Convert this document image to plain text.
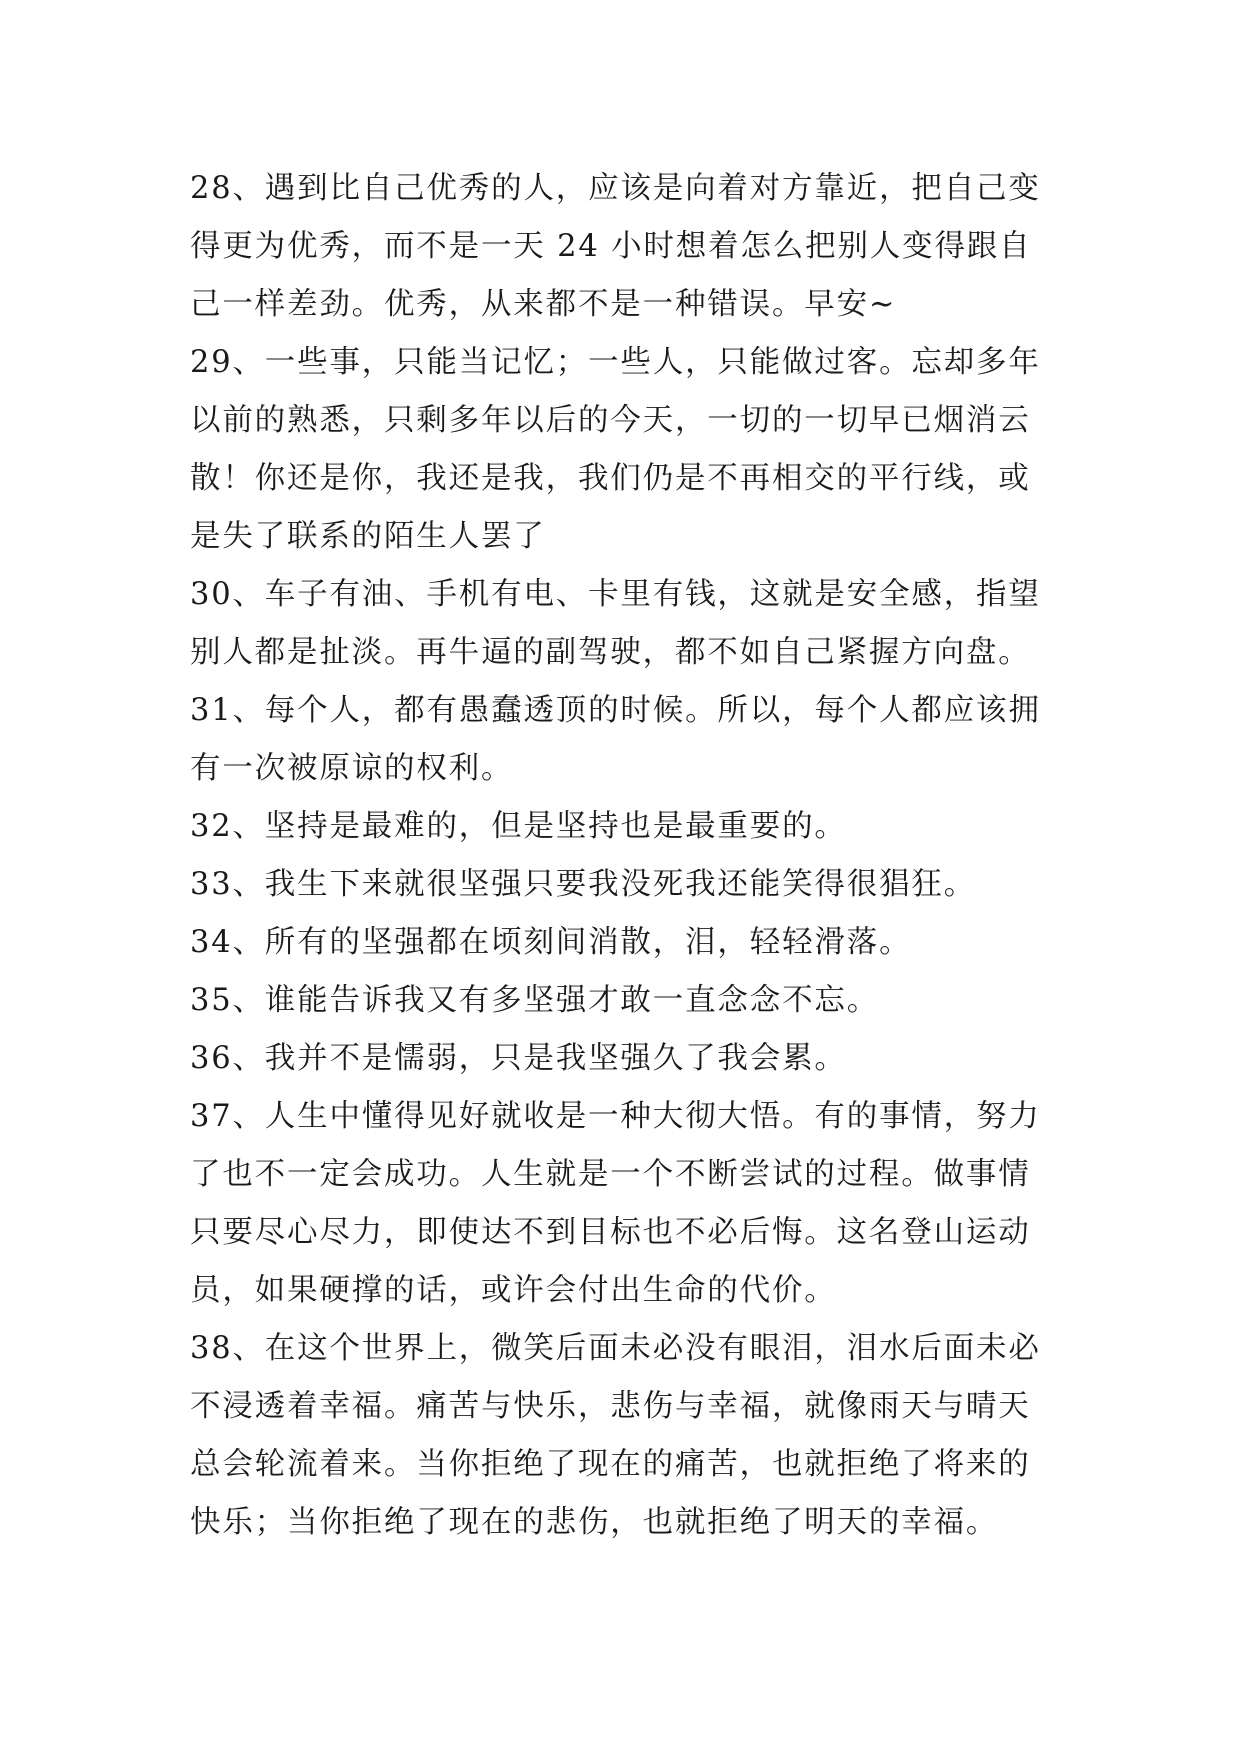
28、遇到比自己优秀的人，应该是向着对方靠近，把自己变
得更为优秀，而不是一天 24 小时想着怎么把别人变得跟自
己一样差劲。优秀，从来都不是一种错误。早安~
29、一些事，只能当记忆；一些人，只能做过客。忘却多年
以前的熟悉，只剩多年以后的今天，一切的一切早已烟消云
散！你还是你，我还是我，我们仍是不再相交的平行线，或
是失了联系的陌生人罢了
30、车子有油、手机有电、卡里有钱，这就是安全感，指望
别人都是扯淡。再牛逼的副驾驶，都不如自己紧握方向盘。
31、每个人，都有愚蠢透顶的时候。所以，每个人都应该拥
有一次被原谅的权利。
32、坚持是最难的，但是坚持也是最重要的。
33、我生下来就很坚强只要我没死我还能笑得很猖狂。
34、所有的坚强都在顷刻间消散，泪，轻轻滑落。
35、谁能告诉我又有多坚强才敢一直念念不忘。
36、我并不是懦弱，只是我坚强久了我会累。
37、人生中懂得见好就收是一种大彻大悟。有的事情，努力
了也不一定会成功。人生就是一个不断尝试的过程。做事情
只要尽心尽力，即使达不到目标也不必后悔。这名登山运动
员，如果硬撑的话，或许会付出生命的代价。
38、在这个世界上，微笑后面未必没有眼泪，泪水后面未必
不浸透着幸福。痛苦与快乐，悲伤与幸福，就像雨天与晴天
总会轮流着来。当你拒绝了现在的痛苦，也就拒绝了将来的
快乐；当你拒绝了现在的悲伤，也就拒绝了明天的幸福。
